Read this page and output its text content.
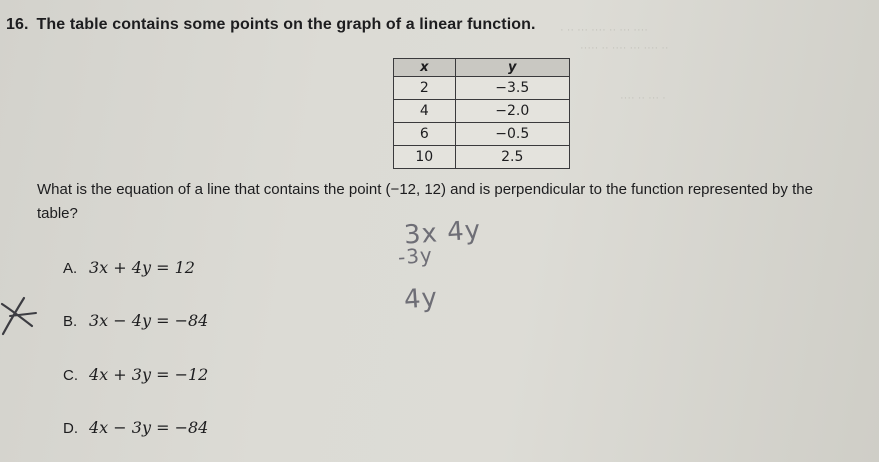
· ·· ··· ···· ·· ··· ····
····· ·· ···· ··· ···· ··
···· ·· ··· ·
16. The table contains some points on the graph of a linear function.
x	y
2	−3.5
4	−2.0
6	−0.5
10	2.5
What is the equation of a line that contains the point (−12, 12) and is perpendicular to the function represented by the table?
3x 4y
-3y
4y
A. 3x + 4y = 12
B. 3x − 4y = −84
C. 4x + 3y = −12
D. 4x − 3y = −84
